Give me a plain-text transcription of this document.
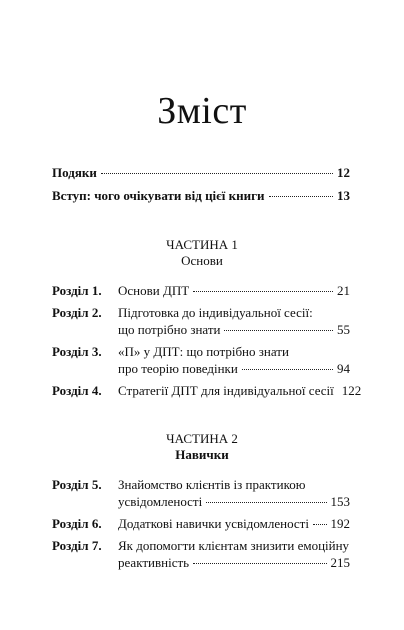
Зміст
Подяки	12
Вступ: чого очікувати від цієї книги	13
ЧАСТИНА 1
Основи
Розділ 1. Основи ДПТ	21
Розділ 2. Підготовка до індивідуальної сесії:
що потрібно знати	55
Розділ 3. «П» у ДПТ: що потрібно знати
про теорію поведінки	94
Розділ 4. Стратегії ДПТ для індивідуальної сесії 122
ЧАСТИНА 2
Навички
Розділ 5. Знайомство клієнтів із практикою
усвідомленості	153
Розділ 6. Додаткові навички усвідомленості 192
Розділ 7. Як допомогти клієнтам знизити емоційну
реактивність	215
